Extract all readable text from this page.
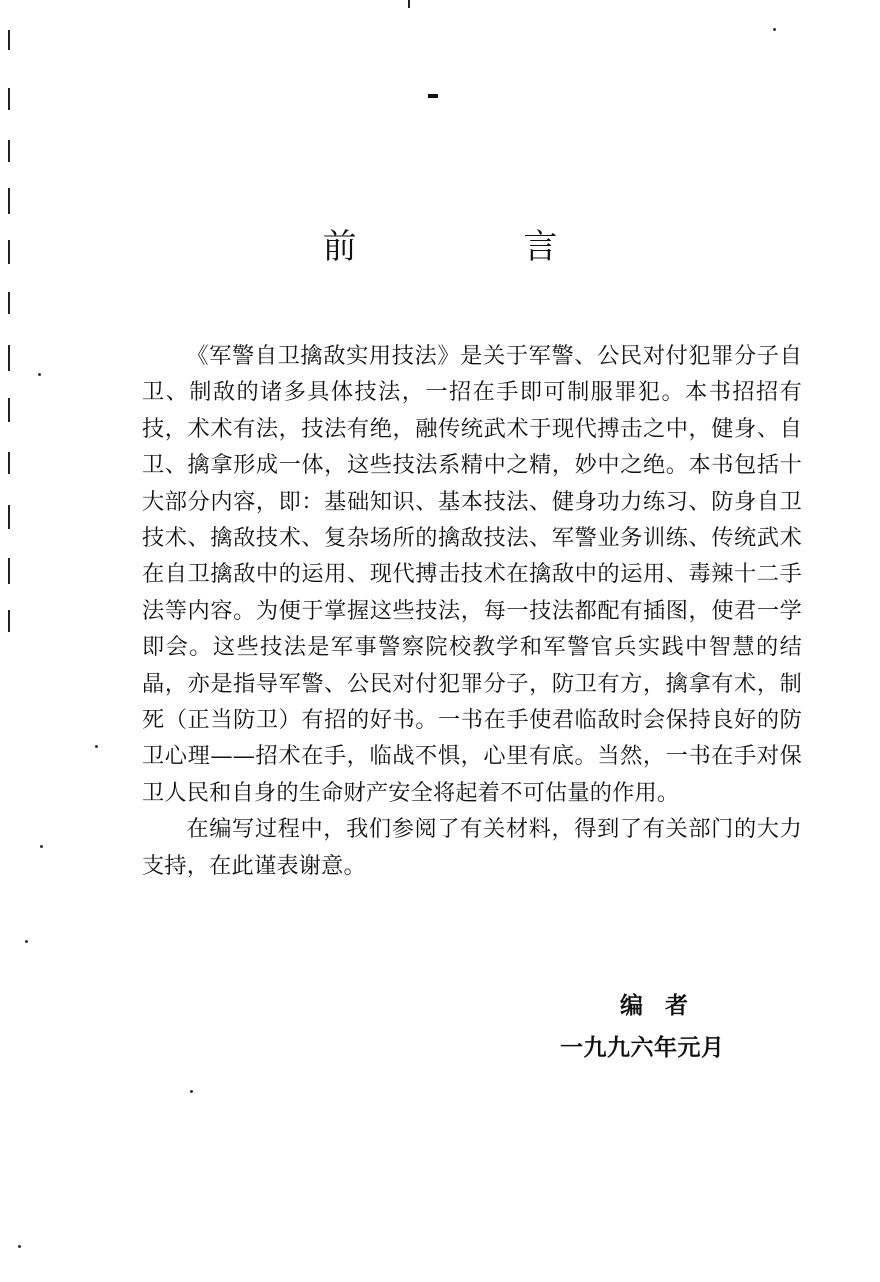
前 言

《军警自卫擒敌实用技法》是关于军警、公民对付犯罪分子自卫、制敌的诸多具体技法，一招在手即可制服罪犯。本书招招有技，术术有法，技法有绝，融传统武术于现代搏击之中，健身、自卫、擒拿形成一体，这些技法系精中之精，妙中之绝。本书包括十大部分内容，即：基础知识、基本技法、健身功力练习、防身自卫技术、擒敌技术、复杂场所的擒敌技法、军警业务训练、传统武术在自卫擒敌中的运用、现代搏击技术在擒敌中的运用、毒辣十二手法等内容。为便于掌握这些技法，每一技法都配有插图，使君一学即会。这些技法是军事警察院校教学和军警官兵实践中智慧的结晶，亦是指导军警、公民对付犯罪分子，防卫有方，擒拿有术，制死（正当防卫）有招的好书。一书在手使君临敌时会保持良好的防卫心理——招术在手，临战不惧，心里有底。当然，一书在手对保卫人民和自身的生命财产安全将起着不可估量的作用。

在编写过程中，我们参阅了有关材料，得到了有关部门的大力支持，在此谨表谢意。

编者
一九九六年元月
